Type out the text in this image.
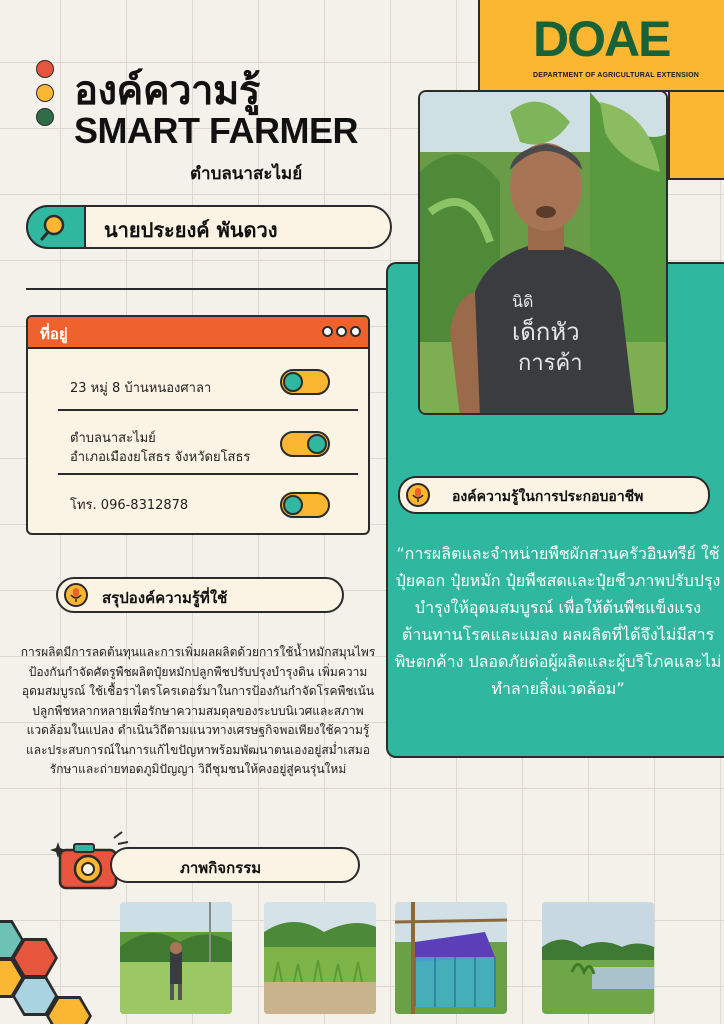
องค์ความรู้
SMART FARMER
ตำบลนาสะไมย์
DOAE
DEPARTMENT OF AGRICULTURAL EXTENSION
นายประยงค์ พันดวง
ที่อยู่
23 หมู่ 8 บ้านหนองศาลา
ตำบลนาสะไมย์
อำเภอเมืองยโสธร จังหวัดยโสธร
โทร. 096-8312878
สรุปองค์ความรู้ที่ใช้
การผลิตมีการลดต้นทุนและการเพิ่มผลผลิตด้วยการใช้น้ำหมักสมุนไพรป้องกันกำจัดศัตรูพืชผลิตปุ๋ยหมักปลูกพืชปรับปรุงบำรุงดิน เพิ่มความอุดมสมบูรณ์ ใช้เชื้อราไตรโครเดอร์มาในการป้องกันกำจัดโรคพืชเน้นปลูกพืชหลากหลายเพื่อรักษาความสมดุลของระบบนิเวศและสภาพแวดล้อมในแปลง ดำเนินวิถีตามแนวทางเศรษฐกิจพอเพียงใช้ความรู้และประสบการณ์ในการแก้ไขปัญหาพร้อมพัฒนาตนเองอยู่สม่ำเสมอ รักษาและถ่ายทอดภูมิปัญญา วิถีชุมชนให้คงอยู่สู่คนรุ่นใหม่
นิดิ
เด็กหัว
การค้า
องค์ความรู้ในการประกอบอาชีพ
“การผลิตและจำหน่ายพืชผักสวนครัวอินทรีย์ ใช้ปุ๋ยคอก ปุ๋ยหมัก ปุ๋ยพืชสดและปุ๋ยชีวภาพปรับปรุงบำรุงให้อุดมสมบูรณ์ เพื่อให้ต้นพืชแข็งแรง ต้านทานโรคและแมลง ผลผลิตที่ได้จึงไม่มีสารพิษตกค้าง ปลอดภัยต่อผู้ผลิตและผู้บริโภคและไม่ทำลายสิ่งแวดล้อม”
ภาพกิจกรรม
